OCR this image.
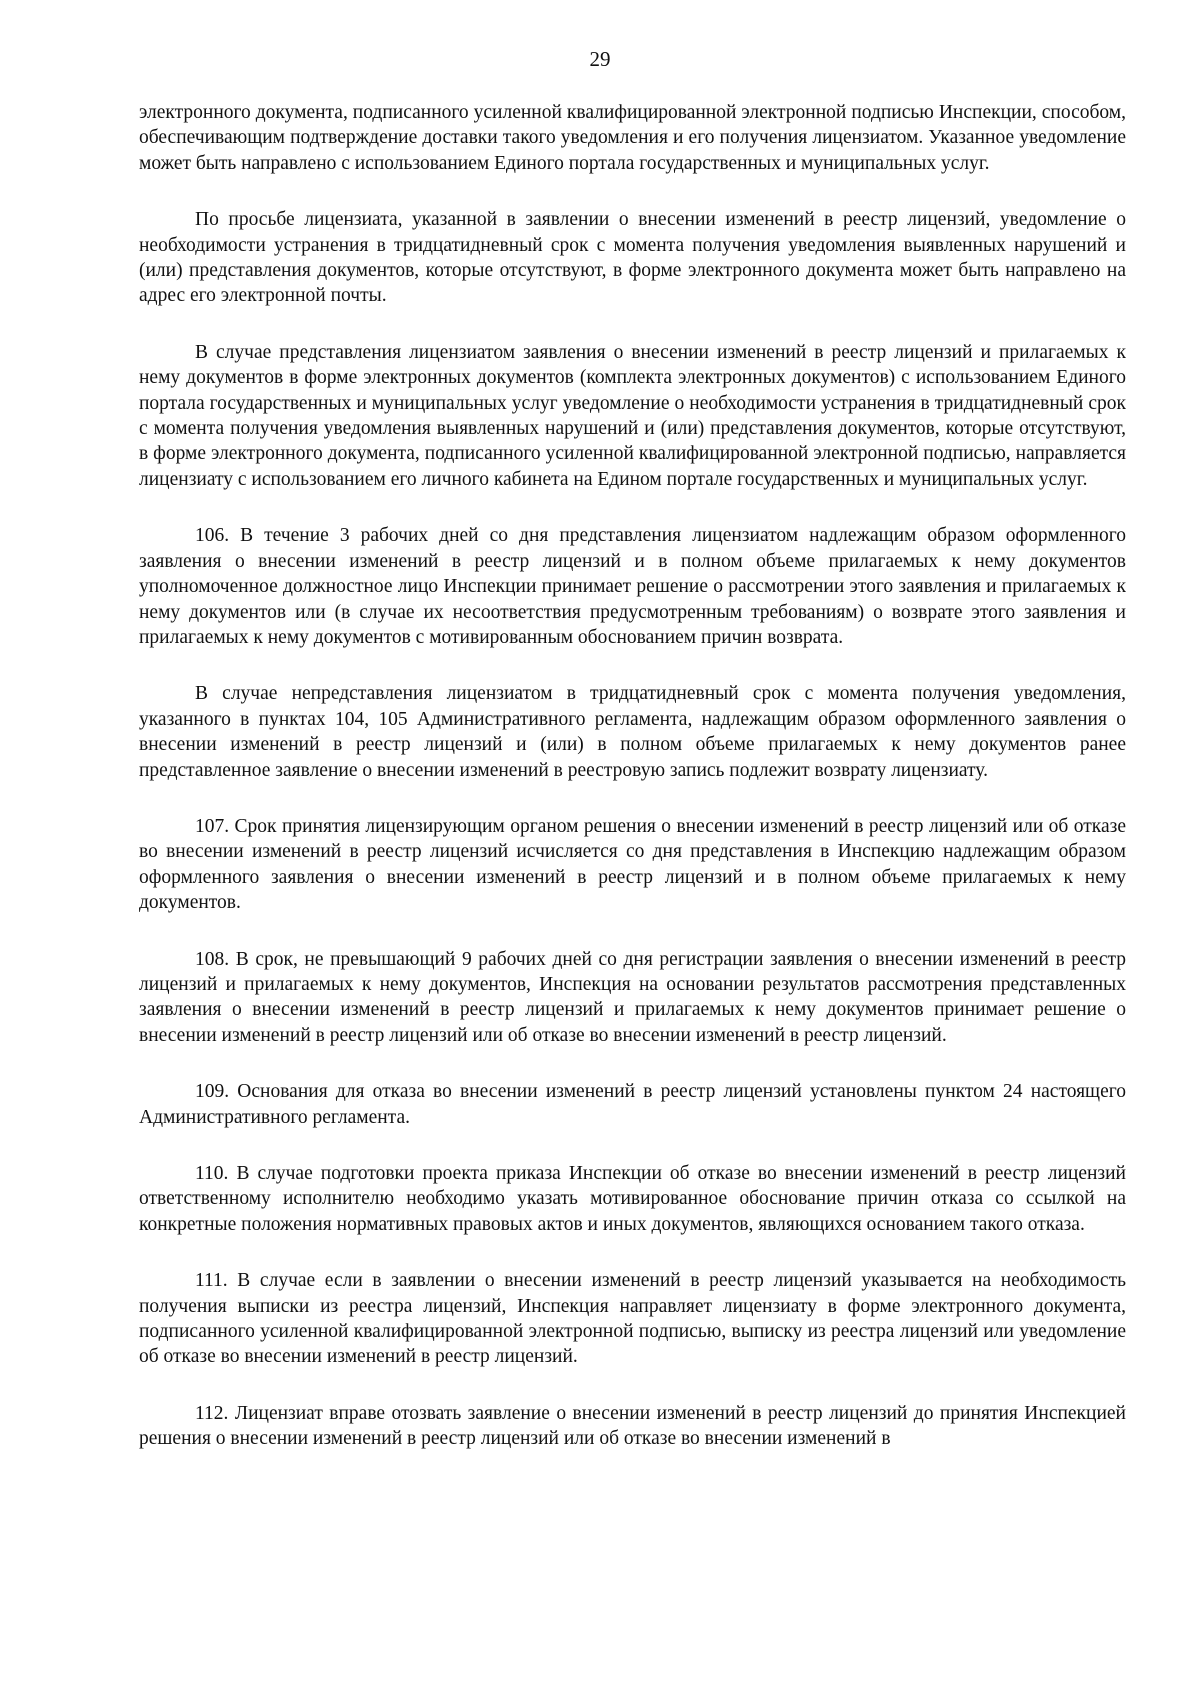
29

электронного документа, подписанного усиленной квалифицированной электронной подписью Инспекции, способом, обеспечивающим подтверждение доставки такого уведомления и его получения лицензиатом. Указанное уведомление может быть направлено с использованием Единого портала государственных и муниципальных услуг.

По просьбе лицензиата, указанной в заявлении о внесении изменений в реестр лицензий, уведомление о необходимости устранения в тридцатидневный срок с момента получения уведомления выявленных нарушений и (или) представления документов, которые отсутствуют, в форме электронного документа может быть направлено на адрес его электронной почты.

В случае представления лицензиатом заявления о внесении изменений в реестр лицензий и прилагаемых к нему документов в форме электронных документов (комплекта электронных документов) с использованием Единого портала государственных и муниципальных услуг уведомление о необходимости устранения в тридцатидневный срок с момента получения уведомления выявленных нарушений и (или) представления документов, которые отсутствуют, в форме электронного документа, подписанного усиленной квалифицированной электронной подписью, направляется лицензиату с использованием его личного кабинета на Едином портале государственных и муниципальных услуг.

106. В течение 3 рабочих дней со дня представления лицензиатом надлежащим образом оформленного заявления о внесении изменений в реестр лицензий и в полном объеме прилагаемых к нему документов уполномоченное должностное лицо Инспекции принимает решение о рассмотрении этого заявления и прилагаемых к нему документов или (в случае их несоответствия предусмотренным требованиям) о возврате этого заявления и прилагаемых к нему документов с мотивированным обоснованием причин возврата.

В случае непредставления лицензиатом в тридцатидневный срок с момента получения уведомления, указанного в пунктах 104, 105 Административного регламента, надлежащим образом оформленного заявления о внесении изменений в реестр лицензий и (или) в полном объеме прилагаемых к нему документов ранее представленное заявление о внесении изменений в реестровую запись подлежит возврату лицензиату.

107. Срок принятия лицензирующим органом решения о внесении изменений в реестр лицензий или об отказе во внесении изменений в реестр лицензий исчисляется со дня представления в Инспекцию надлежащим образом оформленного заявления о внесении изменений в реестр лицензий и в полном объеме прилагаемых к нему документов.

108. В срок, не превышающий 9 рабочих дней со дня регистрации заявления о внесении изменений в реестр лицензий и прилагаемых к нему документов, Инспекция на основании результатов рассмотрения представленных заявления о внесении изменений в реестр лицензий и прилагаемых к нему документов принимает решение о внесении изменений в реестр лицензий или об отказе во внесении изменений в реестр лицензий.

109. Основания для отказа во внесении изменений в реестр лицензий установлены пунктом 24 настоящего Административного регламента.

110. В случае подготовки проекта приказа Инспекции об отказе во внесении изменений в реестр лицензий ответственному исполнителю необходимо указать мотивированное обоснование причин отказа со ссылкой на конкретные положения нормативных правовых актов и иных документов, являющихся основанием такого отказа.

111. В случае если в заявлении о внесении изменений в реестр лицензий указывается на необходимость получения выписки из реестра лицензий, Инспекция направляет лицензиату в форме электронного документа, подписанного усиленной квалифицированной электронной подписью, выписку из реестра лицензий или уведомление об отказе во внесении изменений в реестр лицензий.

112. Лицензиат вправе отозвать заявление о внесении изменений в реестр лицензий до принятия Инспекцией решения о внесении изменений в реестр лицензий или об отказе во внесении изменений в
